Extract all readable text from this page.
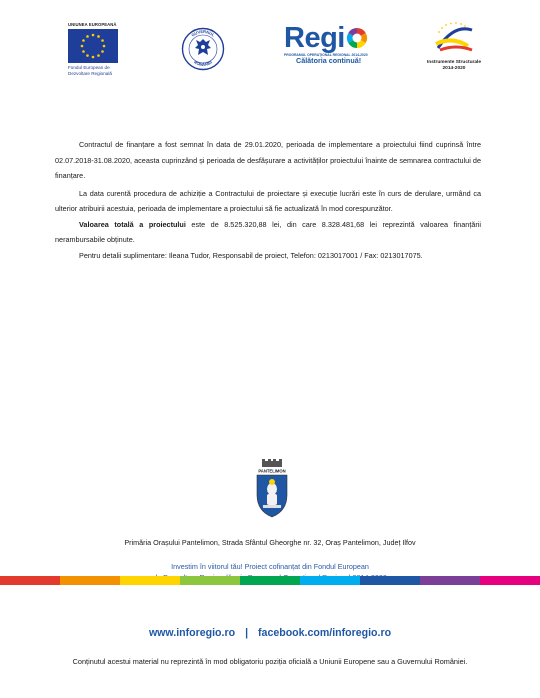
UNIUNEA EUROPEANĂ
Fondul European de
Dezvoltare Regională
GUVERNUL
ROMÂNIEI
Regi
PROGRAMUL OPERAȚIONAL REGIONAL 2014-2020
Călătoria continuă!	Instrumente Structurale
2014-2020

Contractul de finanțare a fost semnat în data de 29.01.2020, perioada de implementare a proiectului fiind cuprinsă între 02.07.2018-31.08.2020, aceasta cuprinzând și perioada de desfășurare a activităților proiectului înainte de semnarea contractului de finanțare.

La data curentă procedura de achiziție a Contractului de proiectare și execuție lucrări este în curs de derulare, urmând ca ulterior atribuirii acestuia, perioada de implementare a proiectului să fie actualizată în mod corespunzător.

Valoarea totală a proiectului este de 8.525.320,88 lei, din care 8.328.481,68 lei reprezintă valoarea finanțării nerambursabile obținute.

Pentru detalii suplimentare: Ileana Tudor, Responsabil de proiect, Telefon: 0213017001 / Fax: 0213017075.

PANTELIMON
Primăria Orașului Pantelimon, Strada Sfântul Gheorghe nr. 32, Oraș Pantelimon, Județ Ilfov
Investim în viitorul tău! Proiect cofinanțat din Fondul European
www.inforegio.ro | facebook.com/inforegio.ro
Conținutul acestui material nu reprezintă în mod obligatoriu poziția oficială a Uniunii Europene sau a Guvernului României.
